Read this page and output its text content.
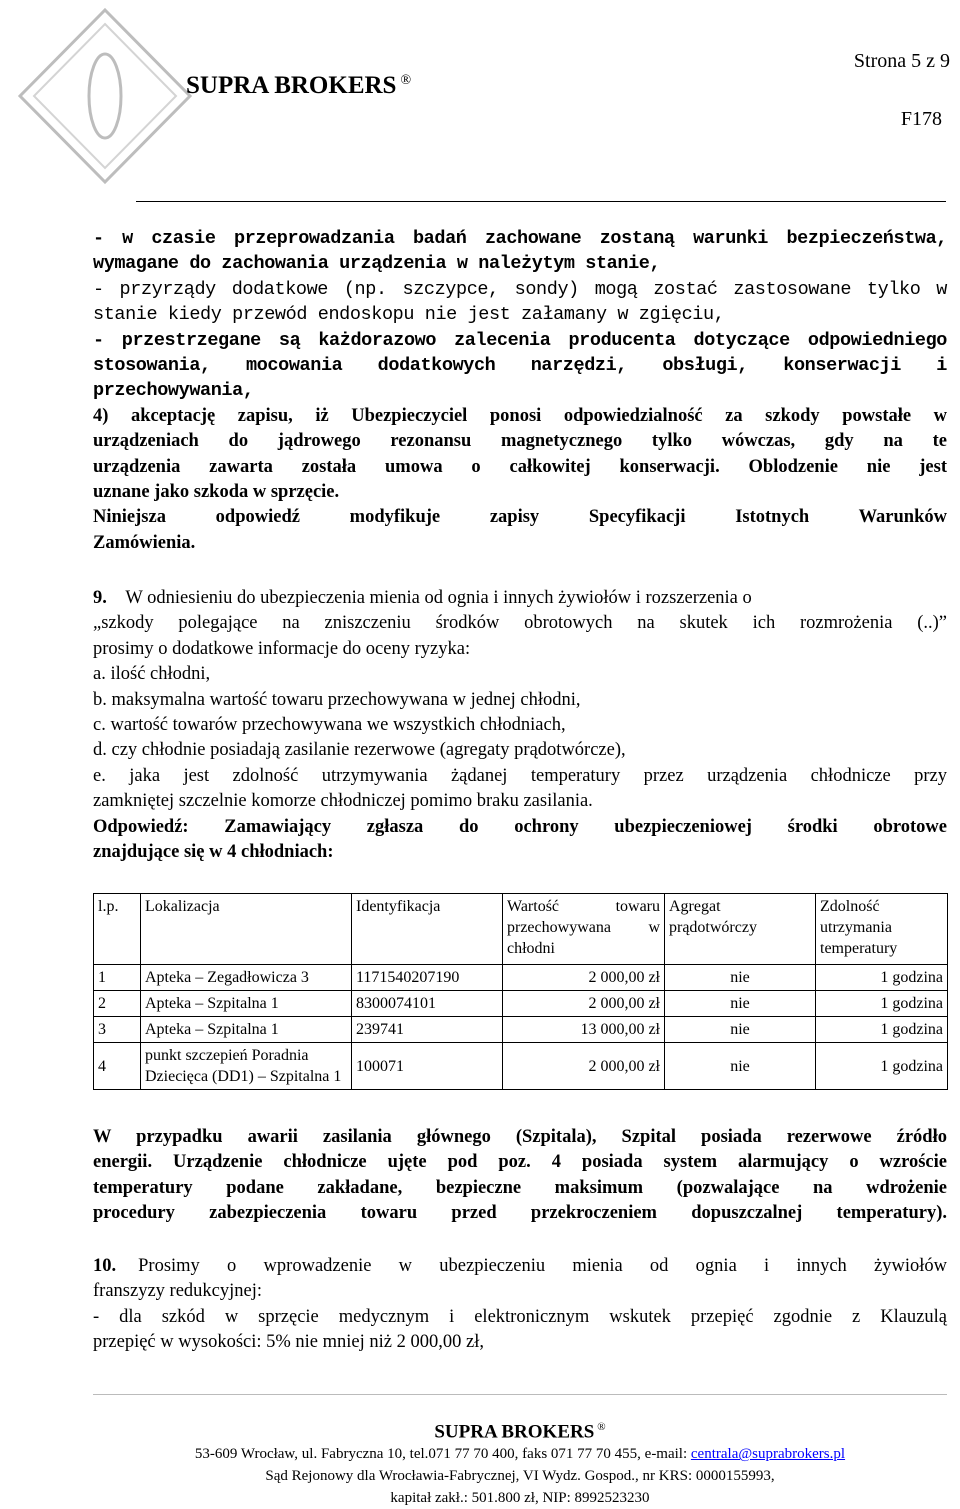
SUPRA BROKERS ®
Strona 5 z 9
F178
- w czasie przeprowadzania badań zachowane zostaną warunki bezpieczeństwa,
wymagane do zachowania urządzenia w należytym stanie,
- przyrządy dodatkowe (np. szczypce, sondy) mogą zostać zastosowane tylko w
stanie kiedy przewód endoskopu nie jest załamany w zgięciu,
- przestrzegane są każdorazowo zalecenia producenta dotyczące odpowiedniego
stosowania, mocowania dodatkowych narzędzi, obsługi, konserwacji i
przechowywania,
4) akceptację zapisu, iż Ubezpieczyciel ponosi odpowiedzialność za szkody powstałe w
urządzeniach do jądrowego rezonansu magnetycznego tylko wówczas, gdy na te
urządzenia zawarta została umowa o całkowitej konserwacji. Oblodzenie nie jest
uznane jako szkoda w sprzęcie.
Niniejsza odpowiedź modyfikuje zapisy Specyfikacji Istotnych Warunków
Zamówienia.
9. W odniesieniu do ubezpieczenia mienia od ognia i innych żywiołów i rozszerzenia o
„szkody polegające na zniszczeniu środków obrotowych na skutek ich rozmrożenia (..)”
prosimy o dodatkowe informacje do oceny ryzyka:
a. ilość chłodni,
b. maksymalna wartość towaru przechowywana w jednej chłodni,
c. wartość towarów przechowywana we wszystkich chłodniach,
d. czy chłodnie posiadają zasilanie rezerwowe (agregaty prądotwórcze),
e. jaka jest zdolność utrzymywania żądanej temperatury przez urządzenia chłodnicze przy
zamkniętej szczelnie komorze chłodniczej pomimo braku zasilania.
Odpowiedź: Zamawiający zgłasza do ochrony ubezpieczeniowej środki obrotowe
znajdujące się w 4 chłodniach:
l.p.	Lokalizacja	Identyfikacja	Wartość towaru przechowywana w chłodni	Agregat prądotwórczy	Zdolność utrzymania temperatury
1	Apteka – Zegadłowicza 3	1171540207190	2 000,00 zł	nie	1 godzina
2	Apteka – Szpitalna 1	8300074101	2 000,00 zł	nie	1 godzina
3	Apteka – Szpitalna 1	239741	13 000,00 zł	nie	1 godzina
4	punkt szczepień Poradnia Dziecięca (DD1) – Szpitalna 1	100071	2 000,00 zł	nie	1 godzina
W przypadku awarii zasilania głównego (Szpitala), Szpital posiada rezerwowe źródło
energii. Urządzenie chłodnicze ujęte pod poz. 4 posiada system alarmujący o wzroście
temperatury podane zakładane, bezpieczne maksimum (pozwalające na wdrożenie
procedury zabezpieczenia towaru przed przekroczeniem dopuszczalnej temperatury).
10. Prosimy o wprowadzenie w ubezpieczeniu mienia od ognia i innych żywiołów
franszyzy redukcyjnej:
- dla szkód w sprzęcie medycznym i elektronicznym wskutek przepięć zgodnie z Klauzulą
przepięć w wysokości: 5% nie mniej niż 2 000,00 zł,
SUPRA BROKERS ®
53-609 Wrocław, ul. Fabryczna 10, tel.071 77 70 400, faks 071 77 70 455, e-mail: centrala@suprabrokers.pl
Sąd Rejonowy dla Wrocławia-Fabrycznej, VI Wydz. Gospod., nr KRS: 0000155993,
kapitał zakł.: 501.800 zł, NIP: 8992523230
